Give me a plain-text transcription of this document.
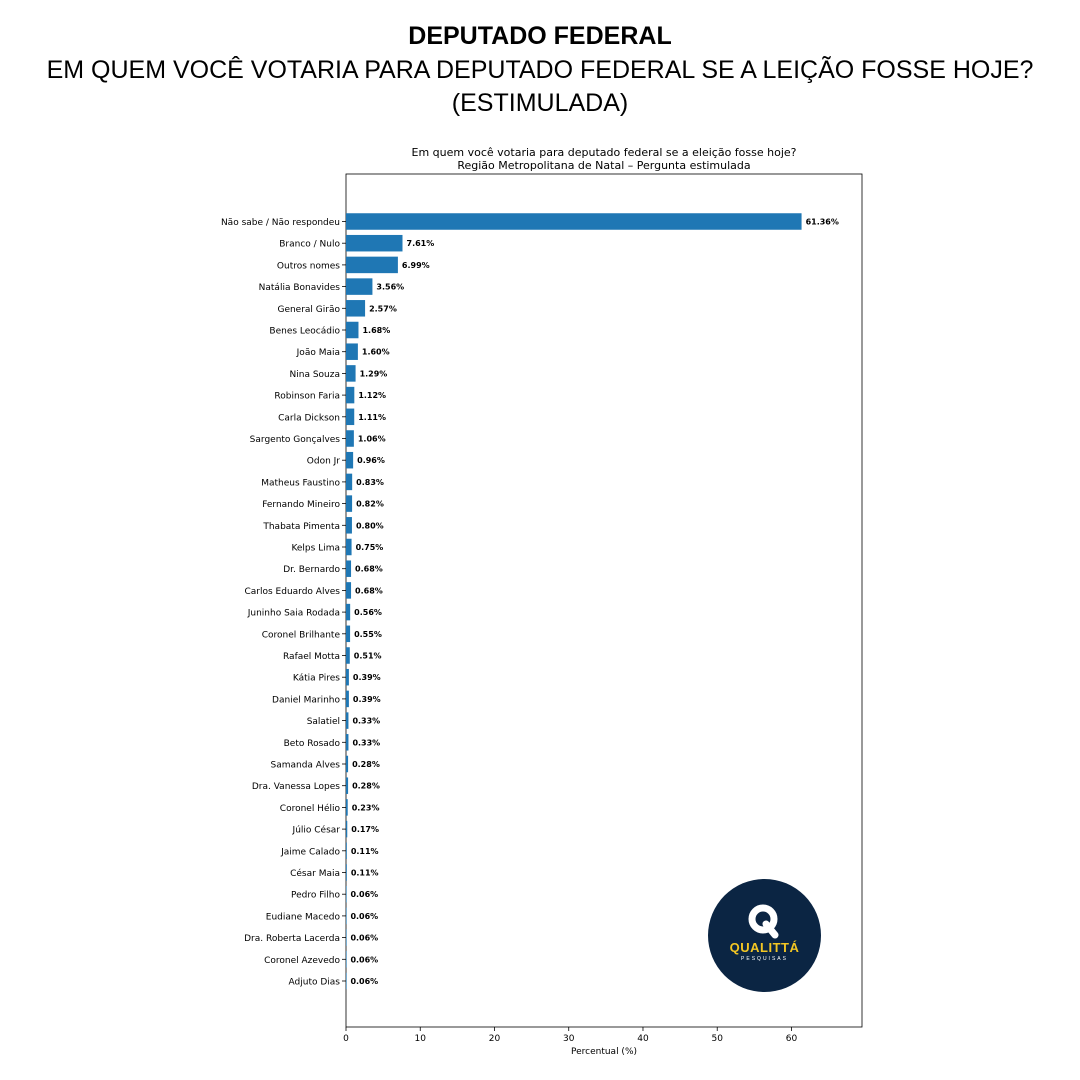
DEPUTADO FEDERAL
EM QUEM VOCÊ VOTARIA PARA DEPUTADO FEDERAL SE A LEIÇÃO FOSSE HOJE?
(ESTIMULADA)
Em quem você votaria para deputado federal se a eleição fosse hoje?
Região Metropolitana de Natal – Pergunta estimulada
Não sabe / Não respondeu	61.36%
Branco / Nulo	7.61%
Outros nomes	6.99%
Natália Bonavides	3.56%
General Girão	2.57%
Benes Leocádio	1.68%
João Maia	1.60%
Nina Souza 1.29%
Robinson Faria 1.12%
Carla Dickson 1.11%
Sargento Gonçalves 1.06%
Odon Jr 0.96%
Matheus Faustino 0.83%
Fernando Mineiro 0.82%
Thabata Pimenta 0.80%
Kelps Lima 0.75%
Dr. Bernardo 0.68%
Carlos Eduardo Alves 0.68%
Juninho Saia Rodada 0.56%
Coronel Brilhante 0.55%
Rafael Motta 0.51%
Kátia Pires 0.39%
Daniel Marinho 0.39%
Salatiel 0.33%
Beto Rosado 0.33%
Samanda Alves 0.28%
Dra. Vanessa Lopes 0.28%
Coronel Hélio 0.23%
Júlio César 0.17%
Jaime Calado 0.11%
César Maia 0.11%
Pedro Filho 0.06%
Eudiane Macedo 0.06%
Dra. Roberta Lacerda 0.06%
Coronel Azevedo 0.06%
Adjuto Dias 0.06%
0	10	20	30	40	50	60
Percentual (%)
QUALITTÁ
PESQUISAS
